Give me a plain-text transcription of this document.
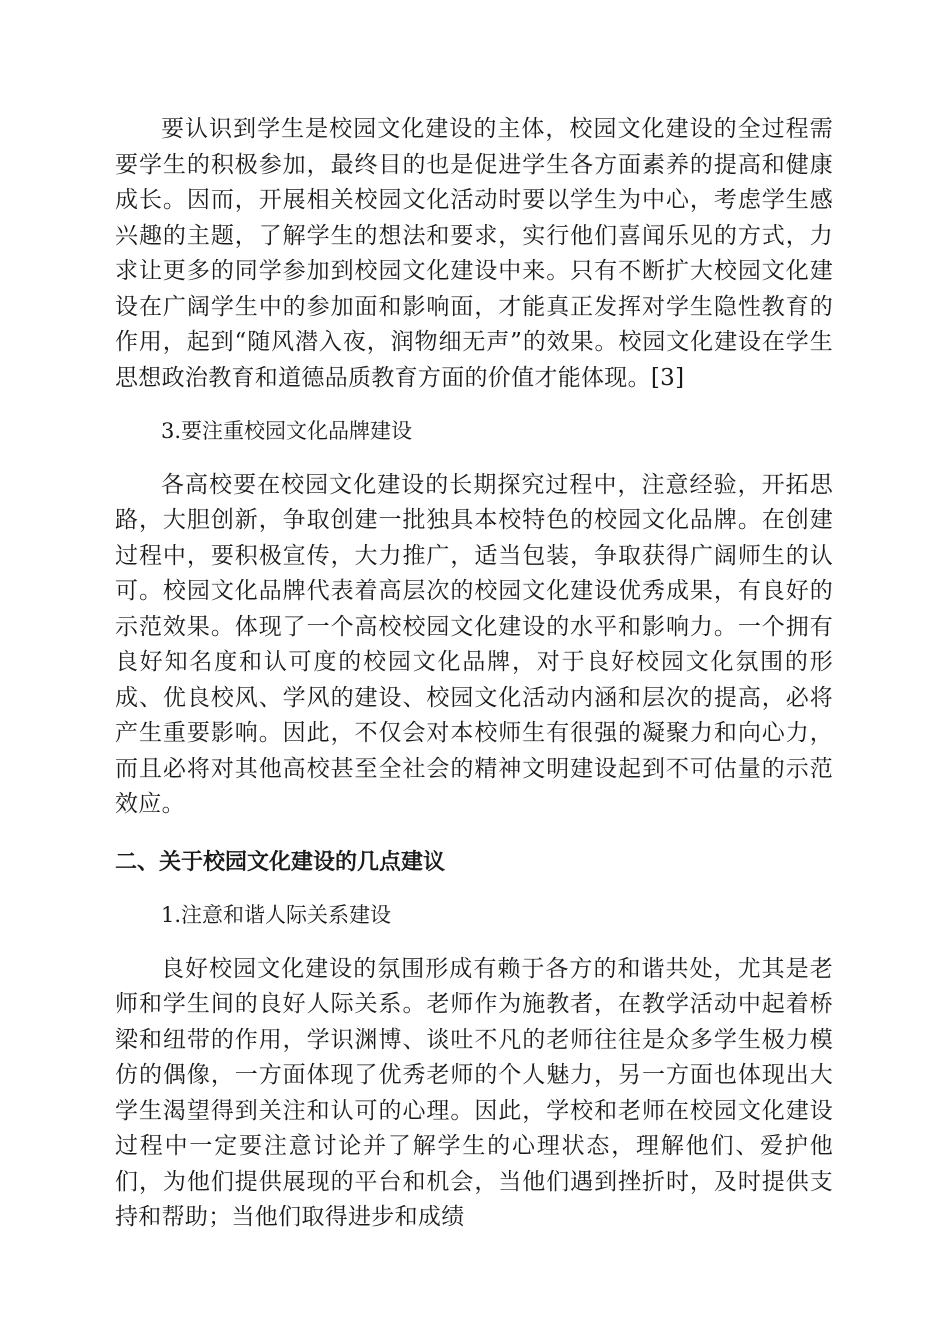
要认识到学生是校园文化建设的主体，校园文化建设的全过程需要学生的积极参加，最终目的也是促进学生各方面素养的提高和健康成长。因而，开展相关校园文化活动时要以学生为中心，考虑学生感兴趣的主题，了解学生的想法和要求，实行他们喜闻乐见的方式，力求让更多的同学参加到校园文化建设中来。只有不断扩大校园文化建设在广阔学生中的参加面和影响面，才能真正发挥对学生隐性教育的作用，起到“随风潜入夜，润物细无声”的效果。校园文化建设在学生思想政治教育和道德品质教育方面的价值才能体现。[3]

3.要注重校园文化品牌建设

各高校要在校园文化建设的长期探究过程中，注意经验，开拓思路，大胆创新，争取创建一批独具本校特色的校园文化品牌。在创建过程中，要积极宣传，大力推广，适当包装，争取获得广阔师生的认可。校园文化品牌代表着高层次的校园文化建设优秀成果，有良好的示范效果。体现了一个高校校园文化建设的水平和影响力。一个拥有良好知名度和认可度的校园文化品牌，对于良好校园文化氛围的形成、优良校风、学风的建设、校园文化活动内涵和层次的提高，必将产生重要影响。因此，不仅会对本校师生有很强的凝聚力和向心力，而且必将对其他高校甚至全社会的精神文明建设起到不可估量的示范效应。

二、关于校园文化建设的几点建议

1.注意和谐人际关系建设

良好校园文化建设的氛围形成有赖于各方的和谐共处，尤其是老师和学生间的良好人际关系。老师作为施教者，在教学活动中起着桥梁和纽带的作用，学识渊博、谈吐不凡的老师往往是众多学生极力模仿的偶像，一方面体现了优秀老师的个人魅力，另一方面也体现出大学生渴望得到关注和认可的心理。因此，学校和老师在校园文化建设过程中一定要注意讨论并了解学生的心理状态，理解他们、爱护他们，为他们提供展现的平台和机会，当他们遇到挫折时，及时提供支持和帮助；当他们取得进步和成绩
